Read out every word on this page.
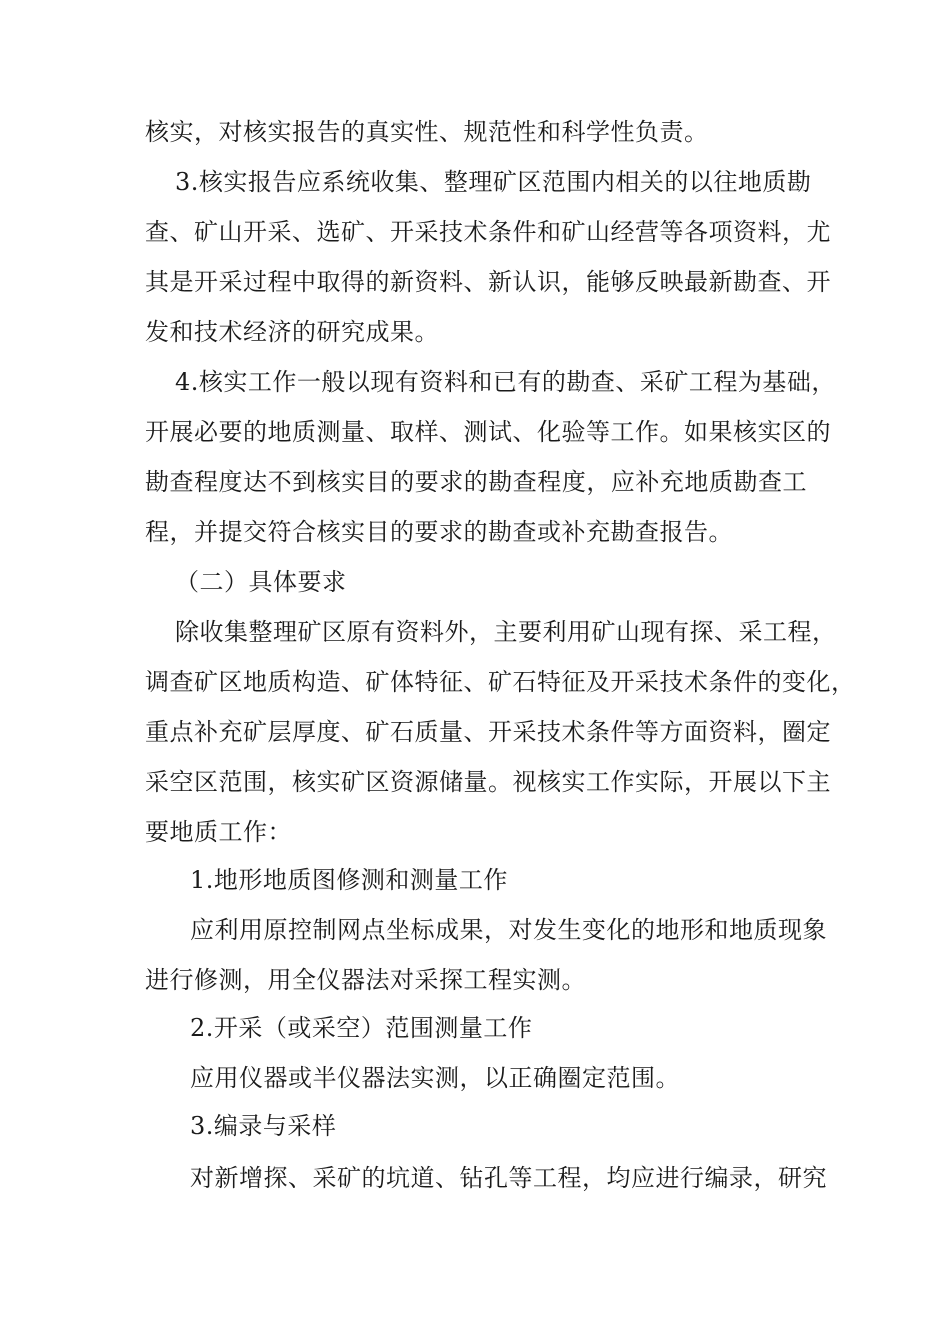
核实，对核实报告的真实性、规范性和科学性负责。
3.核实报告应系统收集、整理矿区范围内相关的以往地质勘
查、矿山开采、选矿、开采技术条件和矿山经营等各项资料，尤
其是开采过程中取得的新资料、新认识，能够反映最新勘查、开
发和技术经济的研究成果。
4.核实工作一般以现有资料和已有的勘查、采矿工程为基础，
开展必要的地质测量、取样、测试、化验等工作。如果核实区的
勘查程度达不到核实目的要求的勘查程度，应补充地质勘查工
程，并提交符合核实目的要求的勘查或补充勘查报告。
（二）具体要求
除收集整理矿区原有资料外，主要利用矿山现有探、采工程，
调查矿区地质构造、矿体特征、矿石特征及开采技术条件的变化，
重点补充矿层厚度、矿石质量、开采技术条件等方面资料，圈定
采空区范围，核实矿区资源储量。视核实工作实际，开展以下主
要地质工作：
1.地形地质图修测和测量工作
应利用原控制网点坐标成果，对发生变化的地形和地质现象
进行修测，用全仪器法对采探工程实测。
2.开采（或采空）范围测量工作
应用仪器或半仪器法实测，以正确圈定范围。
3.编录与采样
对新增探、采矿的坑道、钻孔等工程，均应进行编录，研究
